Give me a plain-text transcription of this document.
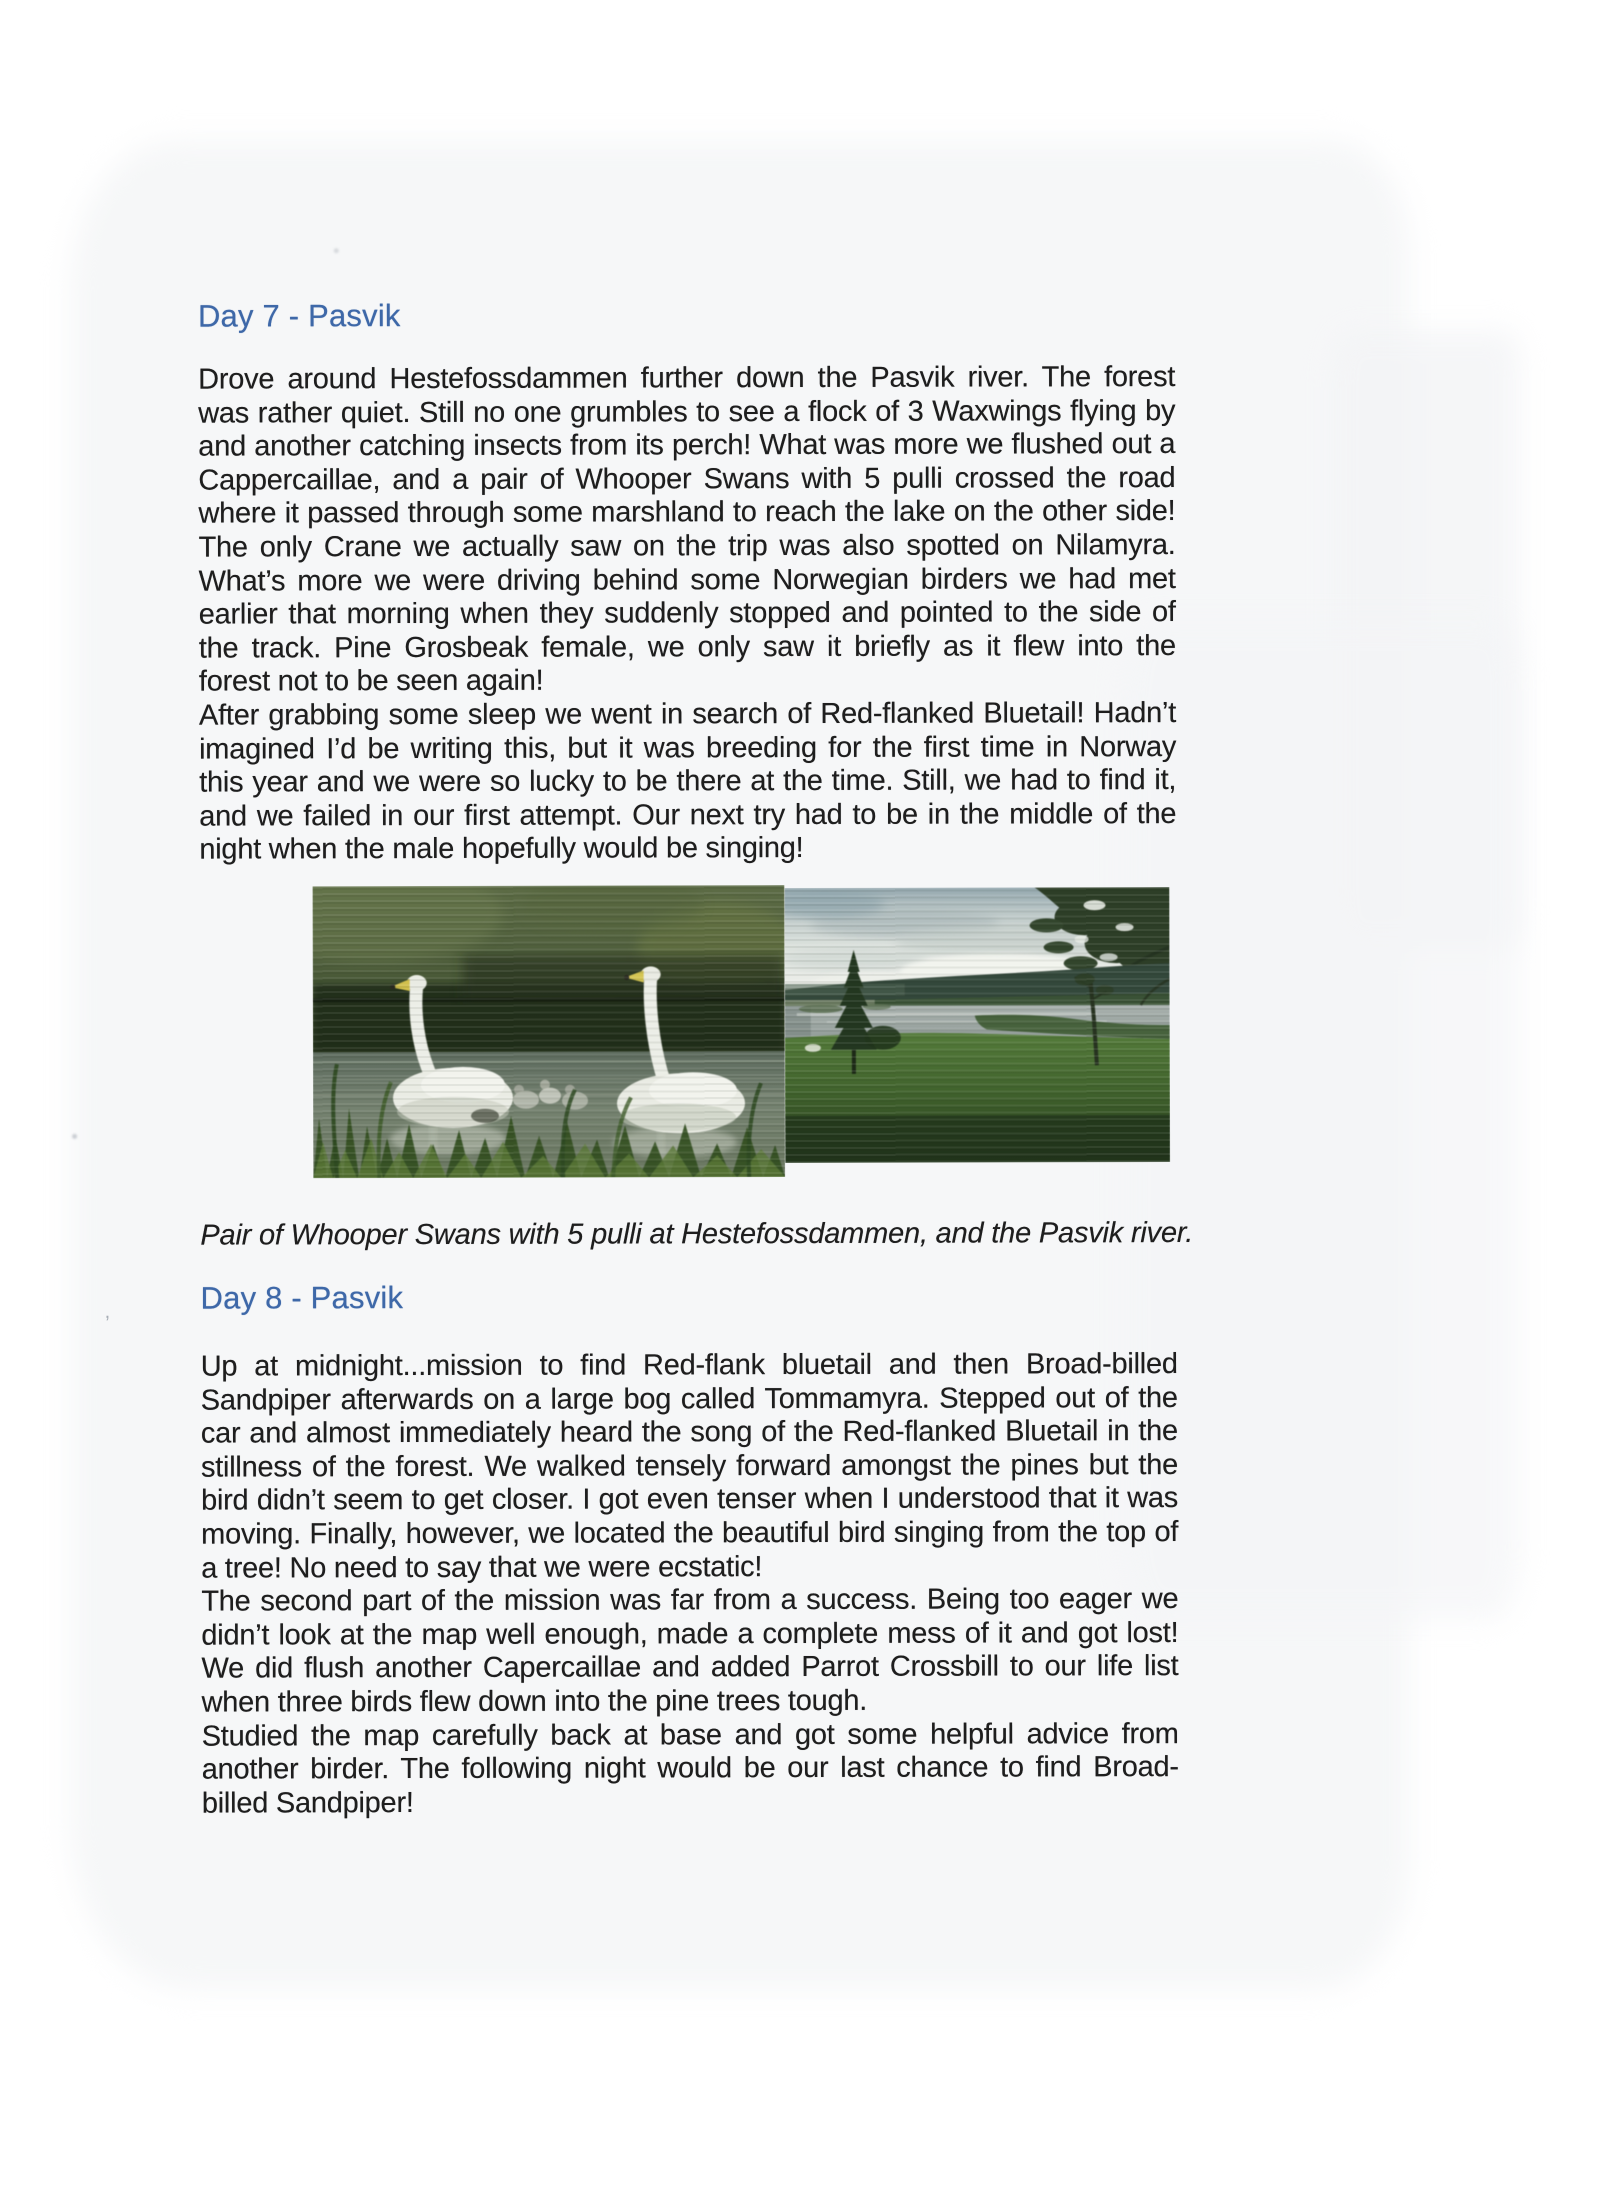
Day 7 - Pasvik

Drove around Hestefossdammen further down the Pasvik river. The forest was rather quiet. Still no one grumbles to see a flock of 3 Waxwings flying by and another catching insects from its perch! What was more we flushed out a Cappercaillae, and a pair of Whooper Swans with 5 pulli crossed the road where it passed through some marshland to reach the lake on the other side! The only Crane we actually saw on the trip was also spotted on Nilamyra. What’s more we were driving behind some Norwegian birders we had met earlier that morning when they suddenly stopped and pointed to the side of the track. Pine Grosbeak female, we only saw it briefly as it flew into the forest not to be seen again!

After grabbing some sleep we went in search of Red-flanked Bluetail! Hadn’t imagined I’d be writing this, but it was breeding for the first time in Norway this year and we were so lucky to be there at the time. Still, we had to find it, and we failed in our first attempt. Our next try had to be in the middle of the night when the male hopefully would be singing!

Pair of Whooper Swans with 5 pulli at Hestefossdammen, and the Pasvik river.
Day 8 - Pasvik

Up at midnight...mission to find Red-flank bluetail and then Broad-billed Sandpiper afterwards on a large bog called Tommamyra. Stepped out of the car and almost immediately heard the song of the Red-flanked Bluetail in the stillness of the forest. We walked tensely forward amongst the pines but the bird didn’t seem to get closer. I got even tenser when I understood that it was moving. Finally, however, we located the beautiful bird singing from the top of a tree! No need to say that we were ecstatic!

The second part of the mission was far from a success. Being too eager we didn’t look at the map well enough, made a complete mess of it and got lost! We did flush another Capercaillae and added Parrot Crossbill to our life list when three birds flew down into the pine trees tough.

Studied the map carefully back at base and got some helpful advice from another birder. The following night would be our last chance to find Broad-billed Sandpiper!

,
